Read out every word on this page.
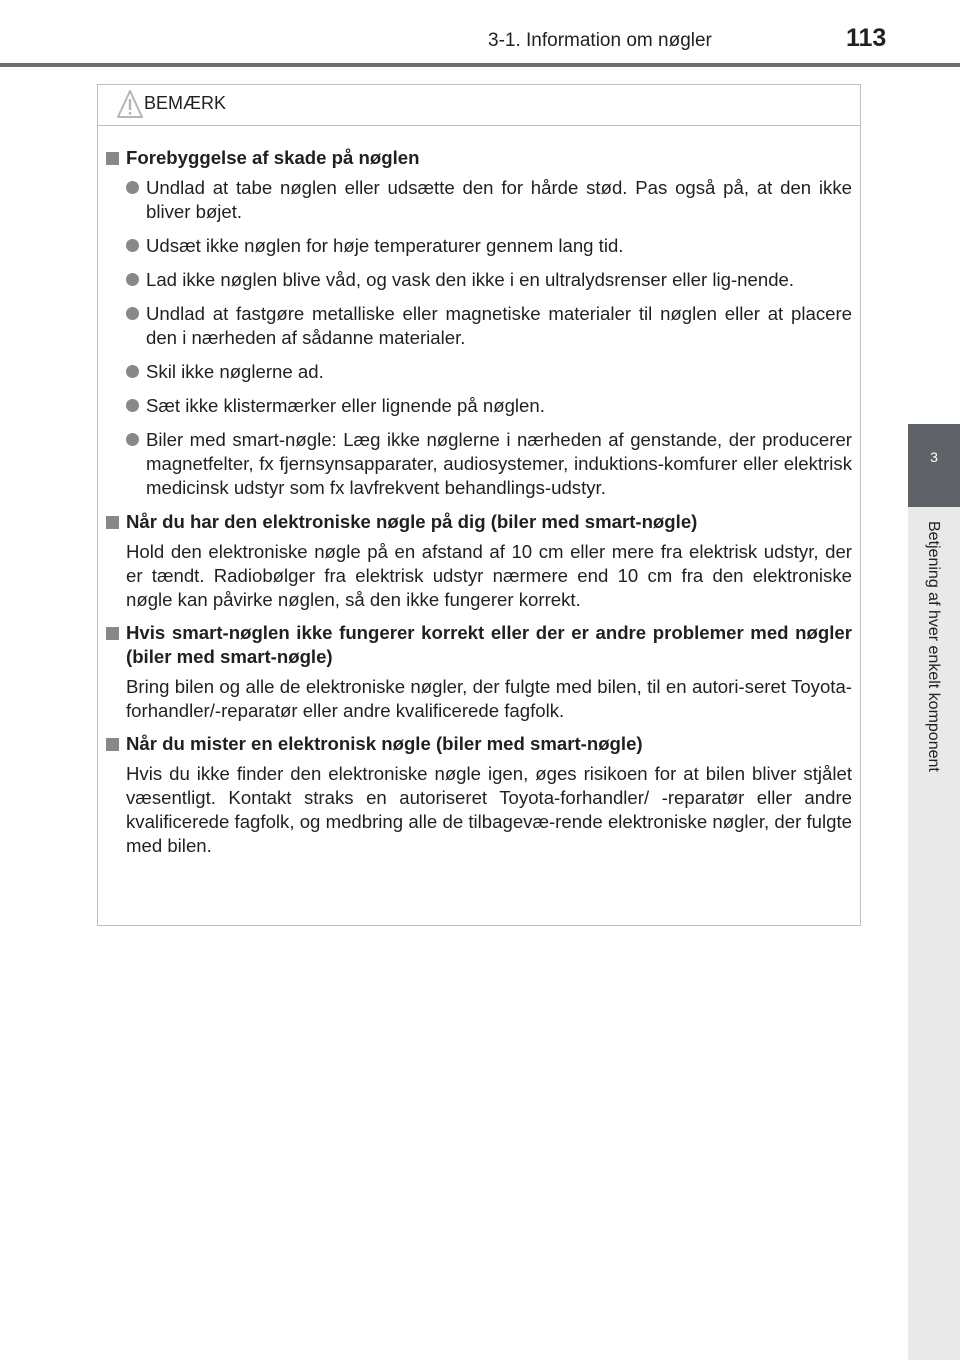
3-1. Information om nøgler	113
3
Betjening af hver enkelt komponent
BEMÆRK
Forebyggelse af skade på nøglen
Undlad at tabe nøglen eller udsætte den for hårde stød. Pas også på, at den ikke bliver bøjet.
Udsæt ikke nøglen for høje temperaturer gennem lang tid.
Lad ikke nøglen blive våd, og vask den ikke i en ultralydsrenser eller lig-nende.
Undlad at fastgøre metalliske eller magnetiske materialer til nøglen eller at placere den i nærheden af sådanne materialer.
Skil ikke nøglerne ad.
Sæt ikke klistermærker eller lignende på nøglen.
Biler med smart-nøgle: Læg ikke nøglerne i nærheden af genstande, der producerer magnetfelter, fx fjernsynsapparater, audiosystemer, induktions-komfurer eller elektrisk medicinsk udstyr som fx lavfrekvent behandlings-udstyr.
Når du har den elektroniske nøgle på dig (biler med smart-nøgle)

Hold den elektroniske nøgle på en afstand af 10 cm eller mere fra elektrisk udstyr, der er tændt. Radiobølger fra elektrisk udstyr nærmere end 10 cm fra den elektroniske nøgle kan påvirke nøglen, så den ikke fungerer korrekt.

Hvis smart-nøglen ikke fungerer korrekt eller der er andre problemer med nøgler (biler med smart-nøgle)

Bring bilen og alle de elektroniske nøgler, der fulgte med bilen, til en autori-seret Toyota-forhandler/-reparatør eller andre kvalificerede fagfolk.

Når du mister en elektronisk nøgle (biler med smart-nøgle)

Hvis du ikke finder den elektroniske nøgle igen, øges risikoen for at bilen bliver stjålet væsentligt. Kontakt straks en autoriseret Toyota-forhandler/ -reparatør eller andre kvalificerede fagfolk, og medbring alle de tilbagevæ-rende elektroniske nøgler, der fulgte med bilen.
